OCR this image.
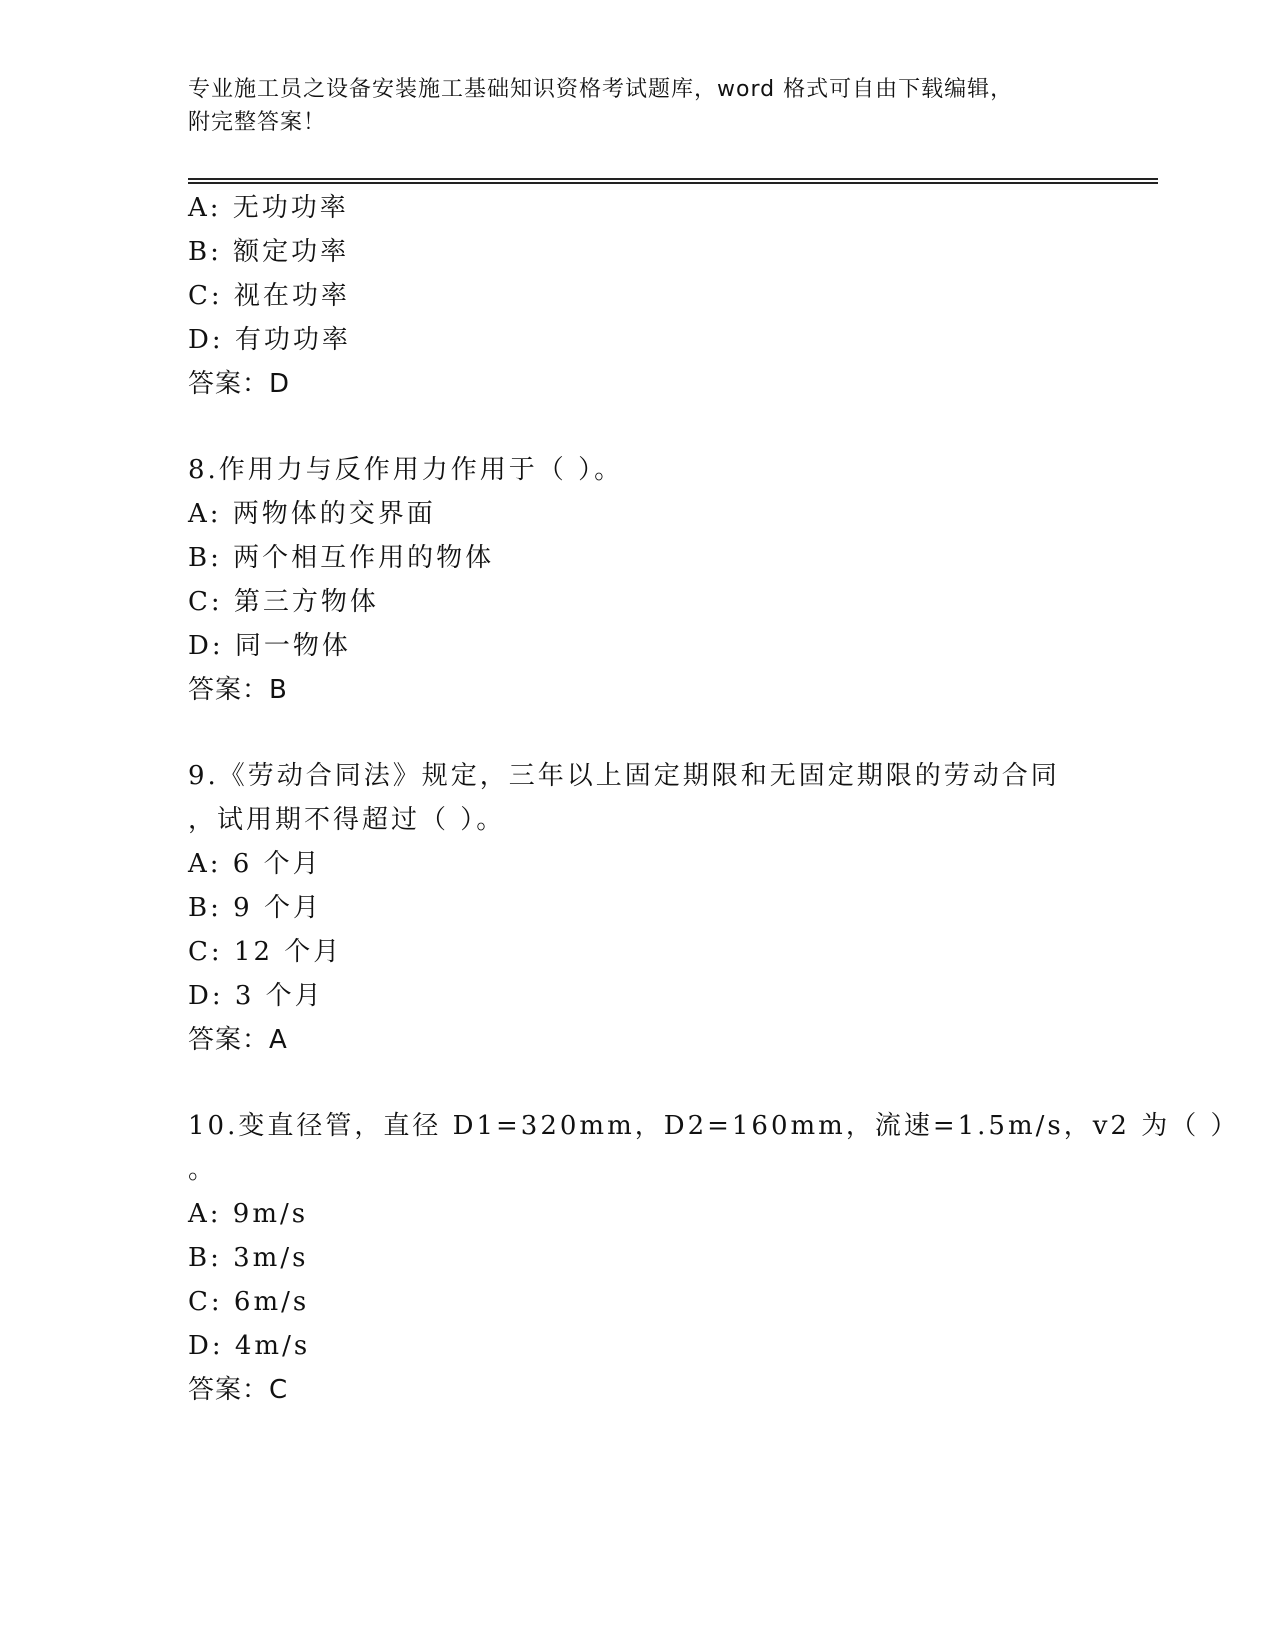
专业施工员之设备安装施工基础知识资格考试题库，word 格式可自由下载编辑，
附完整答案！
A: 无功功率
B: 额定功率
C: 视在功率
D: 有功功率
答案：D
8.作用力与反作用力作用于（ ）。
A: 两物体的交界面
B: 两个相互作用的物体
C: 第三方物体
D: 同一物体
答案：B
9.《劳动合同法》规定，三年以上固定期限和无固定期限的劳动合同
，试用期不得超过（ ）。
A: 6 个月
B: 9 个月
C: 12 个月
D: 3 个月
答案：A
10.变直径管，直径 D1=320mm，D2=160mm，流速=1.5m/s，v2 为（ ）
。
A: 9m/s
B: 3m/s
C: 6m/s
D: 4m/s
答案：C
